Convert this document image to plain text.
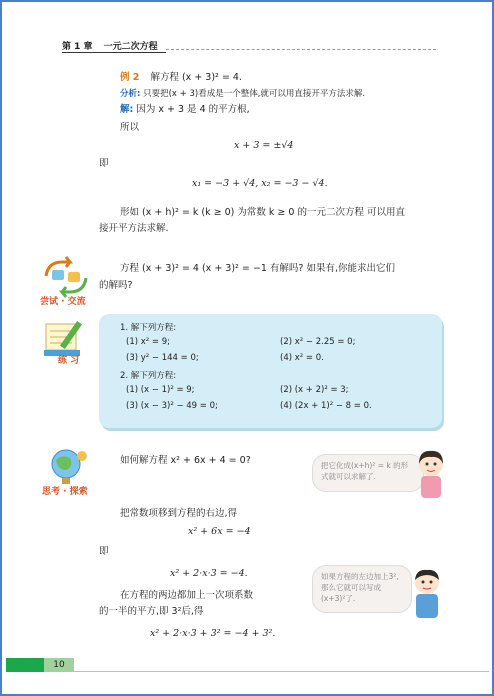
第 1 章 一元二次方程
例 2 解方程 (x + 3)² = 4.
分析: 只要把(x + 3)看成是一个整体,就可以用直接开平方法求解.
解: 因为 x + 3 是 4 的平方根,
所以
x + 3 = ±√4
即
x₁ = −3 + √4, x₂ = −3 − √4.
形如 (x + h)² = k (k ≥ 0) 为常数 k ≥ 0 的一元二次方程 可以用直
接开平方法求解.
尝试 · 交流
方程 (x + 3)² = 4 (x + 3)² = −1 有解吗? 如果有,你能求出它们
的解吗?
练 习
1. 解下列方程:
(1) x² = 9;	(2) x² − 2.25 = 0;
(3) y² − 144 = 0;	(4) x² = 0.
2. 解下列方程:
(1) (x − 1)² = 9;	(2) (x + 2)² = 3;
(3) (x − 3)² − 49 = 0;	(4) (2x + 1)² − 8 = 0.
思考 · 探索
如何解方程 x² + 6x + 4 = 0?	把它化成(x+h)² = k 的形式就可以求解了.
把常数项移到方程的右边,得
x² + 6x = −4
即
x² + 2·x·3 = −4.	如果方程的左边加上3²,那么它就可以写成(x+3)²了.
在方程的两边都加上一次项系数
的一半的平方,即 3²后,得
x² + 2·x·3 + 3² = −4 + 3².
10
